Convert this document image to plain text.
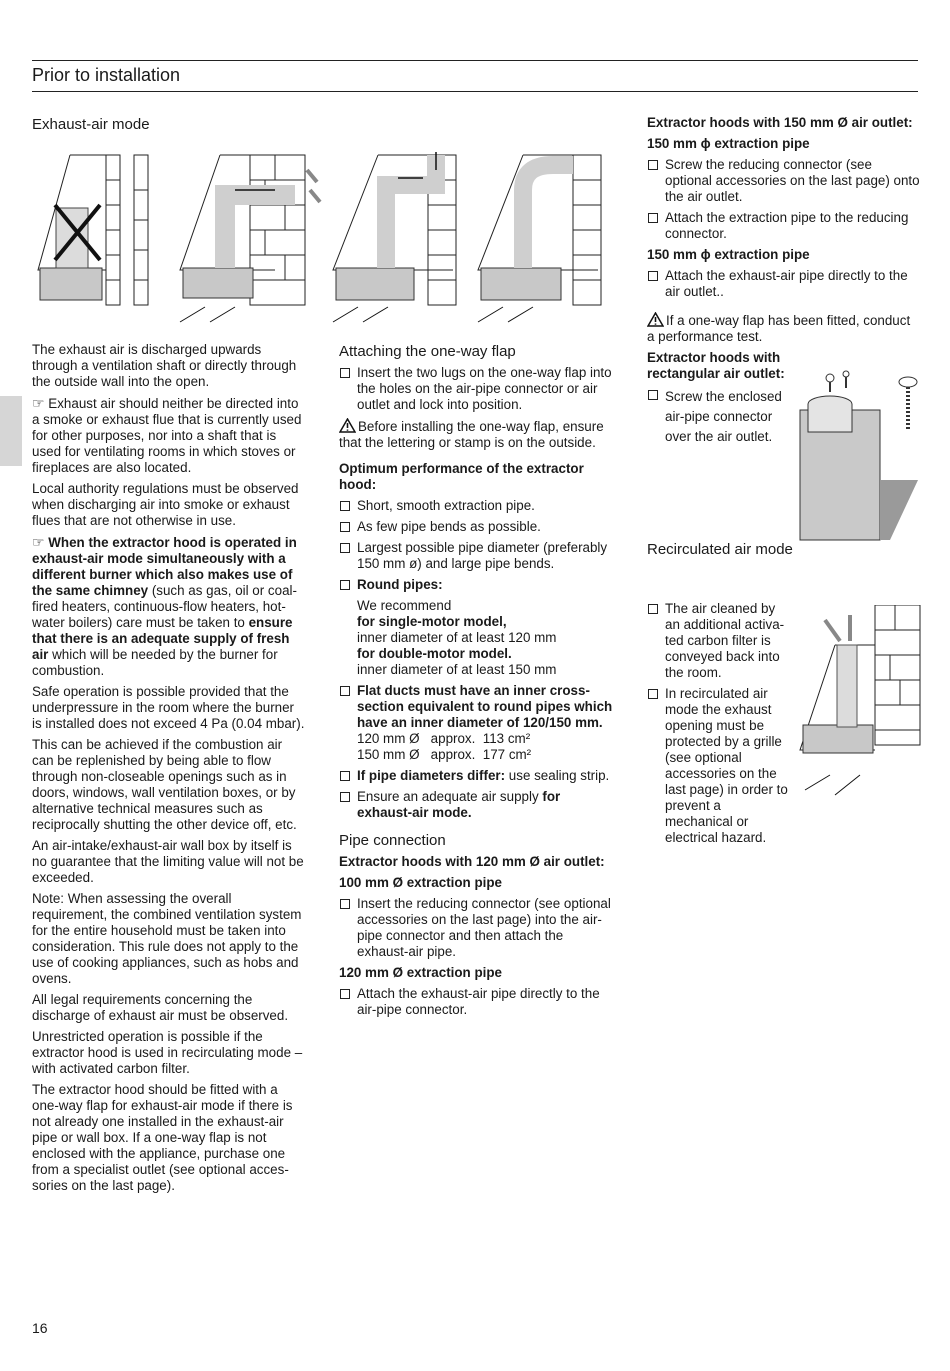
Prior to installation
Exhaust-air mode

The exhaust air is discharged upwards through a ventilation shaft or directly through the outside wall into the open.

☞ Exhaust air should neither be directed into a smoke or exhaust flue that is currently used for other purposes, nor into a shaft that is used for ventilating rooms in which stoves or fireplaces are also located.

Local authority regulations must be observed when discharging air into smoke or exhaust flues that are not otherwise in use.

☞ When the extractor hood is operated in exhaust-air mode simultaneously with a different burner which also makes use of the same chimney (such as gas, oil or coal-fired heaters, continuous-flow heaters, hot-water boilers) care must be taken to ensure that there is an adequate supply of fresh air which will be needed by the burner for combustion.

Safe operation is possible provided that the underpressure in the room where the burner is installed does not exceed 4 Pa (0.04 mbar).

This can be achieved if the combustion air can be replenished by being able to flow through non-closeable openings such as in doors, windows, wall ventilation boxes, or by alternative technical measures such as reciprocally shutting the other device off, etc.

An air-intake/exhaust-air wall box by itself is no guarantee that the limiting value will not be exceeded.

Note: When assessing the overall requirement, the combined ventilation system for the entire household must be taken into consideration. This rule does not apply to the use of cooking appliances, such as hobs and ovens.

All legal requirements concerning the discharge of exhaust air must be observed.

Unrestricted operation is possible if the extractor hood is used in recirculating mode – with activated carbon filter.

The extractor hood should be fitted with a one-way flap for exhaust-air mode if there is not already one installed in the exhaust-air pipe or wall box. If a one-way flap is not enclosed with the appliance, purchase one from a specialist outlet (see optional accessories on the last page).

Attaching the one-way flap
Insert the two lugs on the one-way flap into the holes on the air-pipe connector or air outlet and lock into position.

Before installing the one-way flap, ensure that the lettering or stamp is on the outside.

Optimum performance of the extractor hood:
Short, smooth extraction pipe.
As few pipe bends as possible.
Largest possible pipe diameter (preferably 150 mm ø) and large pipe bends.
Round pipes:
We recommend
for single-motor model,
inner diameter of at least 120 mm
for double-motor model.
inner diameter of at least 150 mm
Flat ducts must have an inner cross-section equivalent to round pipes which have an inner diameter of 120/150 mm.
120 mm Ø   approx.  113 cm²
150 mm Ø   approx.  177 cm²
If pipe diameters differ: use sealing strip.
Ensure an adequate air supply for exhaust-air mode.
Pipe connection
Extractor hoods with 120 mm Ø air outlet:
100 mm Ø extraction pipe
Insert the reducing connector (see optional accessories on the last page) into the air-pipe connector and then attach the exhaust-air pipe.
120 mm Ø extraction pipe
Attach the exhaust-air pipe directly to the air-pipe connector.
Extractor hoods with 150 mm Ø air outlet:
150 mm ϕ extraction pipe
Screw the reducing connector (see optional accessories on the last page) onto the air outlet.
Attach the extraction pipe to the reducing connector.
150 mm ϕ extraction pipe
Attach the exhaust-air pipe directly to the air outlet..

If a one-way flap has been fitted, conduct a performance test.

Extractor hoods with rectangular air outlet:
Screw the enclosed air-pipe connector over the air outlet.
Recirculated air mode
The air cleaned by an additional activated carbon filter is conveyed back into the room.
In recirculated air mode the exhaust opening must be protected by a grille (see optional accessories on the last page) in order to prevent a mechanical or electrical hazard.
16
